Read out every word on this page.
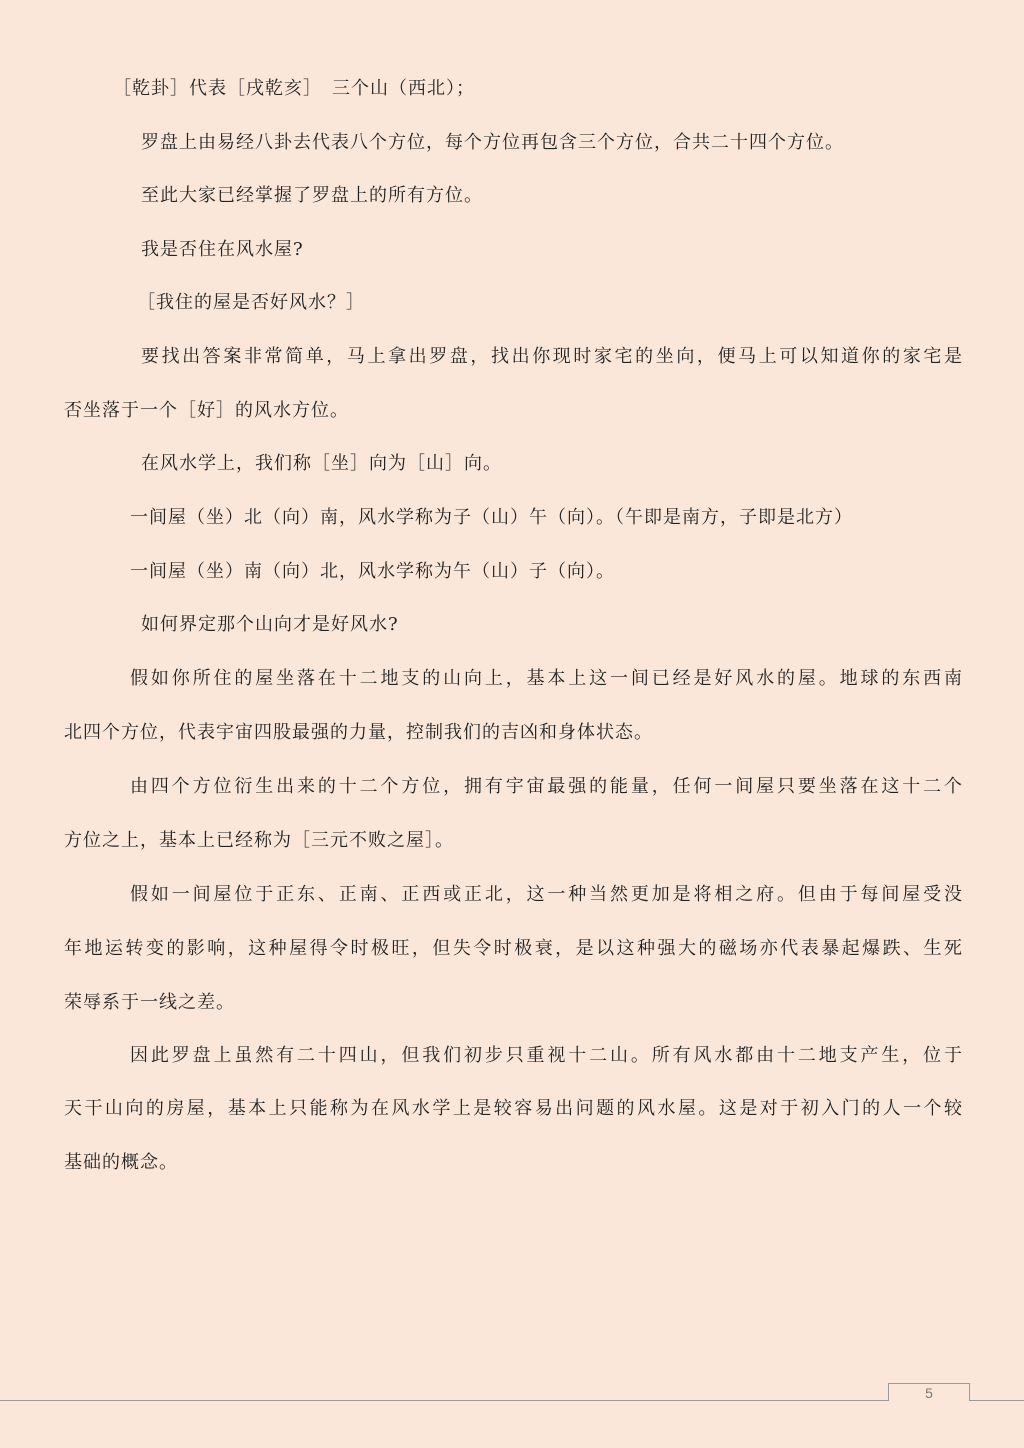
［乾卦］代表［戌乾亥］　三个山（西北）；
罗盘上由易经八卦去代表八个方位，每个方位再包含三个方位，合共二十四个方位。
至此大家已经掌握了罗盘上的所有方位。
我是否住在风水屋?
［我住的屋是否好风水？］
要找出答案非常简单，马上拿出罗盘，找出你现时家宅的坐向，便马上可以知道你的家宅是
否坐落于一个［好］的风水方位。
在风水学上，我们称［坐］向为［山］向。
一间屋（坐）北（向）南，风水学称为子（山）午（向）。（午即是南方，子即是北方）
一间屋（坐）南（向）北，风水学称为午（山）子（向）。
如何界定那个山向才是好风水?
假如你所住的屋坐落在十二地支的山向上，基本上这一间已经是好风水的屋。地球的东西南
北四个方位，代表宇宙四股最强的力量，控制我们的吉凶和身体状态。
由四个方位衍生出来的十二个方位，拥有宇宙最强的能量，任何一间屋只要坐落在这十二个
方位之上，基本上已经称为［三元不败之屋］。
假如一间屋位于正东、正南、正西或正北，这一种当然更加是将相之府。但由于每间屋受没
年地运转变的影响，这种屋得令时极旺，但失令时极衰，是以这种强大的磁场亦代表暴起爆跌、生死
荣辱系于一线之差。
因此罗盘上虽然有二十四山，但我们初步只重视十二山。所有风水都由十二地支产生，位于
天干山向的房屋，基本上只能称为在风水学上是较容易出问题的风水屋。这是对于初入门的人一个较
基础的概念。
5
